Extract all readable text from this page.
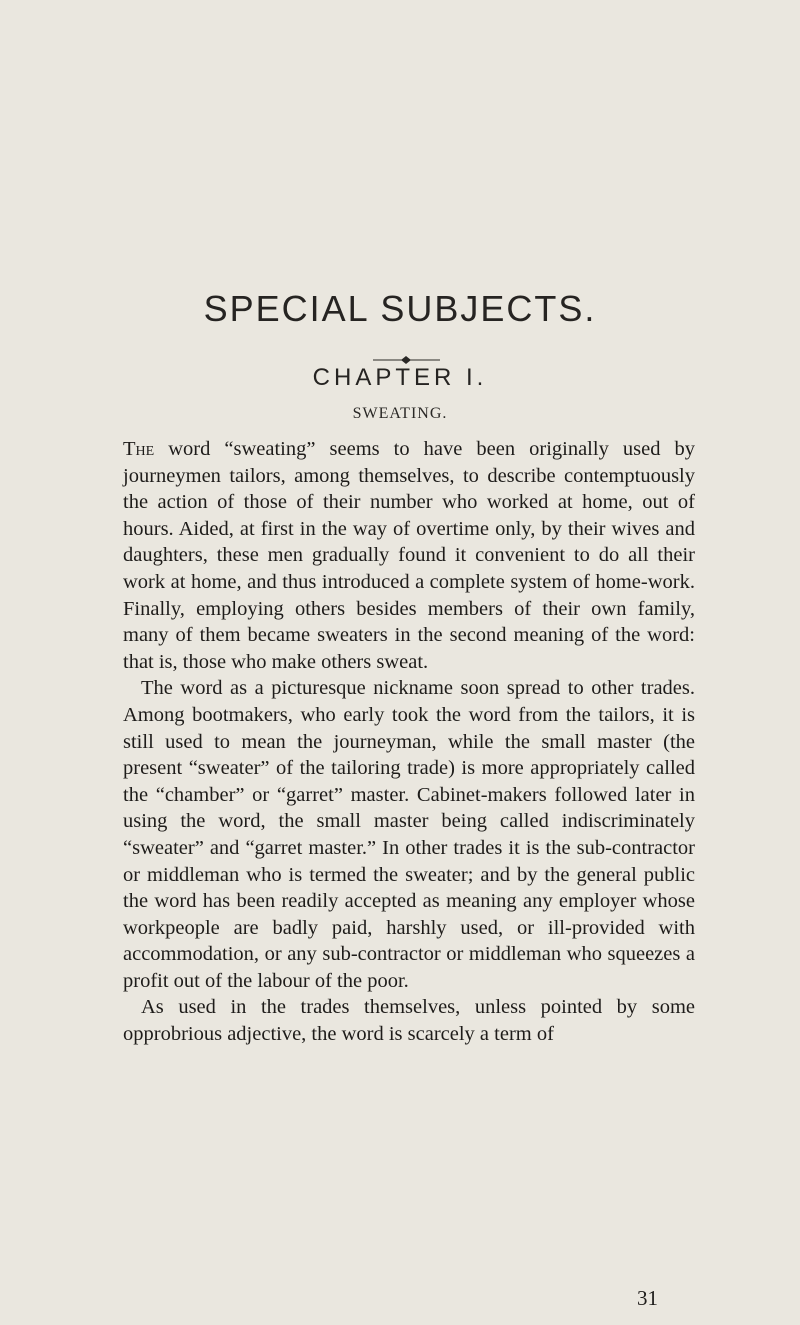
SPECIAL SUBJECTS.
CHAPTER I.
SWEATING.

The word “sweating” seems to have been originally used by journeymen tailors, among themselves, to describe contemptuously the action of those of their number who worked at home, out of hours. Aided, at first in the way of overtime only, by their wives and daughters, these men gradually found it convenient to do all their work at home, and thus introduced a complete system of home-work. Finally, employing others besides members of their own family, many of them became sweaters in the second meaning of the word: that is, those who make others sweat.

The word as a picturesque nickname soon spread to other trades. Among bootmakers, who early took the word from the tailors, it is still used to mean the journeyman, while the small master (the present “sweater” of the tailoring trade) is more appropriately called the “chamber” or “garret” master. Cabinet-makers followed later in using the word, the small master being called indiscriminately “sweater” and “garret master.” In other trades it is the sub-contractor or middleman who is termed the sweater; and by the general public the word has been readily accepted as meaning any employer whose workpeople are badly paid, harshly used, or ill-provided with accommodation, or any sub-contractor or middleman who squeezes a profit out of the labour of the poor.

As used in the trades themselves, unless pointed by some opprobrious adjective, the word is scarcely a term of

31
